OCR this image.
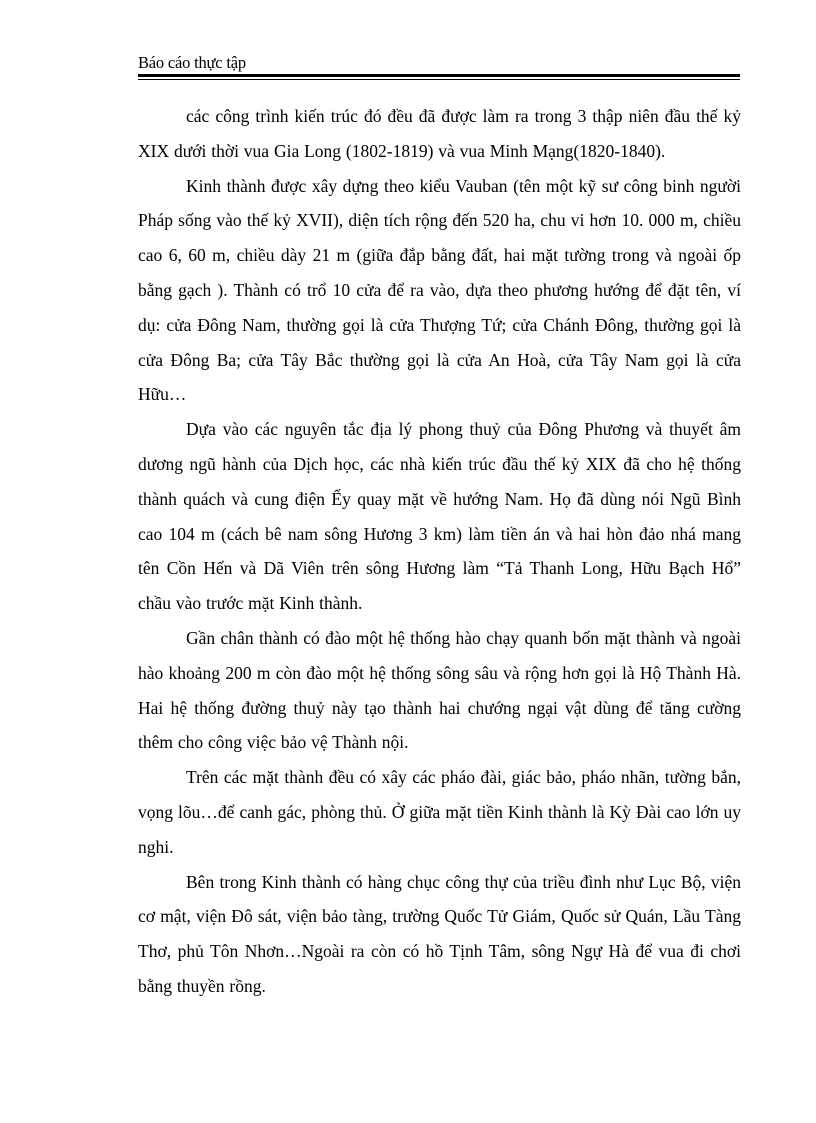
Báo cáo thực tập

các công trình kiến trúc đó đều đã được làm ra trong 3 thập niên đầu thế kỷ XIX dưới thời vua Gia Long (1802-1819) và vua Minh Mạng(1820-1840).

Kinh thành được xây dựng theo kiểu Vauban (tên một kỹ sư công binh người Pháp sống vào thế kỷ XVII), diện tích rộng đến 520 ha, chu vi hơn 10. 000 m, chiều cao 6, 60 m, chiều dày 21 m (giữa đắp bằng đất, hai mặt tường trong và ngoài ốp bằng gạch ). Thành có trổ 10 cửa để ra vào, dựa theo phương hướng để đặt tên, ví dụ: cửa Đông Nam, thường gọi là cửa Thượng Tứ; cửa Chánh Đông, thường gọi là cửa Đông Ba; cửa Tây Bắc thường gọi là cửa An Hoà, cửa Tây Nam gọi là cửa Hữu…

Dựa vào các nguyên tắc địa lý phong thuỷ của Đông Phương và thuyết âm dương ngũ hành của Dịch học, các nhà kiến trúc đầu thế kỷ XIX đã cho hệ thống thành quách và cung điện Ếy quay mặt về hướng Nam. Họ đã dùng nói Ngũ Bình cao 104 m (cách bê nam sông Hương 3 km) làm tiền án và hai hòn đảo nhá mang tên Cồn Hến và Dã Viên trên sông Hương làm “Tả Thanh Long, Hữu Bạch Hổ” chầu vào trước mặt Kinh thành.

Gần chân thành có đào một hệ thống hào chạy quanh bốn mặt thành và ngoài hào khoảng 200 m còn đào một hệ thống sông sâu và rộng hơn gọi là Hộ Thành Hà. Hai hệ thống đường thuỷ này tạo thành hai chướng ngại vật dùng để tăng cường thêm cho công việc bảo vệ Thành nội.

Trên các mặt thành đều có xây các pháo đài, giác bảo, pháo nhãn, tường bắn, vọng lõu…để canh gác, phòng thủ. Ở giữa mặt tiền Kinh thành là Kỳ Đài cao lớn uy nghi.

Bên trong Kinh thành có hàng chục công thự của triều đình như Lục Bộ, viện cơ mật, viện Đô sát, viện bảo tàng, trường Quốc Tử Giám, Quốc sử Quán, Lầu Tàng Thơ, phủ Tôn Nhơn…Ngoài ra còn có hồ Tịnh Tâm, sông Ngự Hà để vua đi chơi bằng thuyền rồng.
